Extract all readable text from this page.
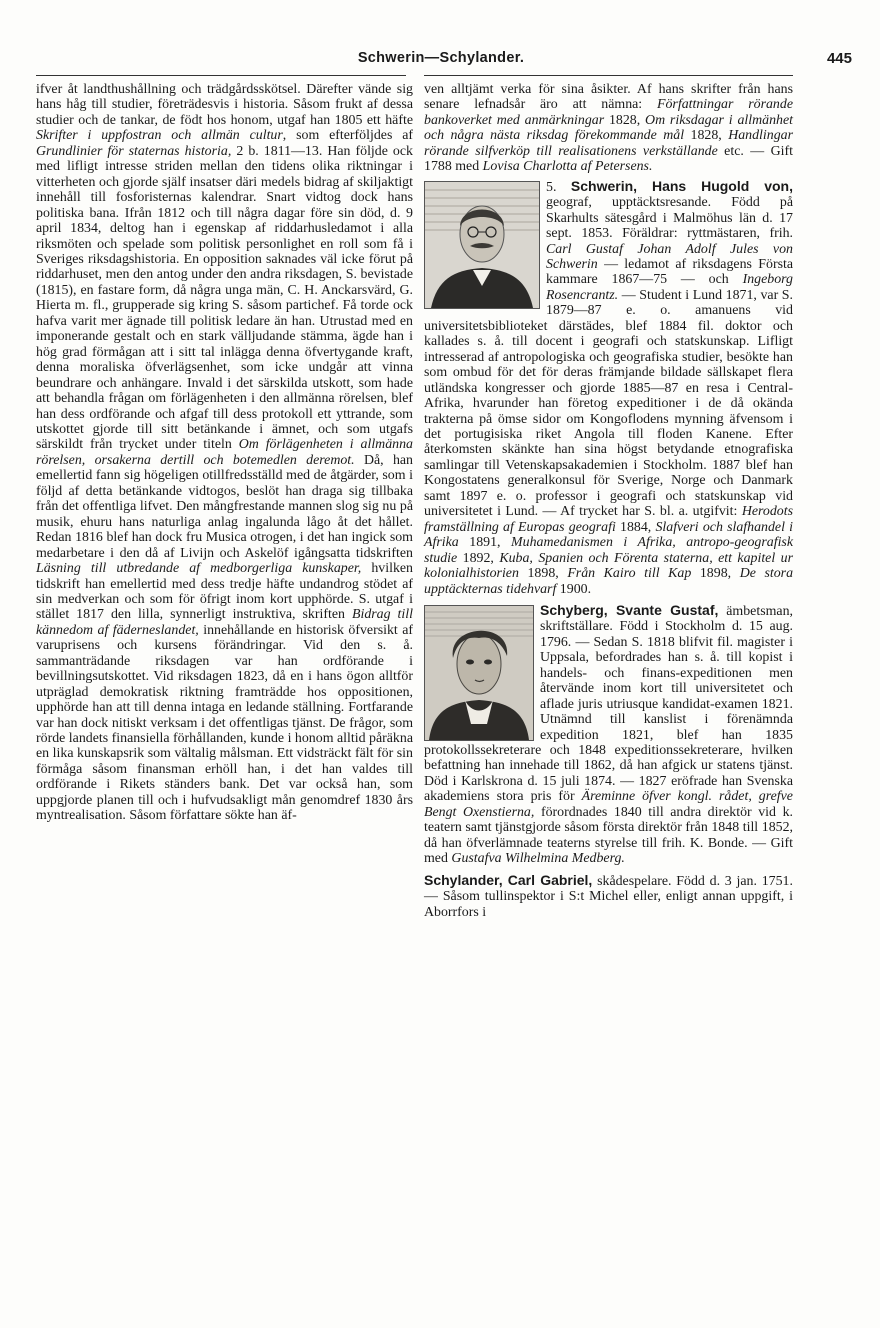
Schwerin—Schylander.	445

ifver åt landthushållning och trädgårdsskötsel. Därefter vände sig hans håg till studier, företrädesvis i historia. Såsom frukt af dessa studier och de tankar, de födt hos honom, utgaf han 1805 ett häfte Skrifter i uppfostran och allmän cultur, som efterföljdes af Grundlinier för staternas historia, 2 b. 1811—13. Han följde ock med lifligt intresse striden mellan den tidens olika riktningar i vitterheten och gjorde själf insatser däri medels bidrag af skiljaktigt innehåll till fosforisternas kalendrar. Snart vidtog dock hans politiska bana. Ifrån 1812 och till några dagar före sin död, d. 9 april 1834, deltog han i egenskap af riddarhusledamot i alla riksmöten och spelade som politisk personlighet en roll som få i Sveriges riksdagshistoria. En opposition saknades väl icke förut på riddarhuset, men den antog under den andra riksdagen, S. bevistade (1815), en fastare form, då några unga män, C. H. Anckarsvärd, G. Hierta m. fl., grupperade sig kring S. såsom partichef. Få torde ock hafva varit mer ägnade till politisk ledare än han. Utrustad med en imponerande gestalt och en stark välljudande stämma, ägde han i hög grad förmågan att i sitt tal inlägga denna öfvertygande kraft, denna moraliska öfverlägsenhet, som icke undgår att vinna beundrare och anhängare. Invald i det särskilda utskott, som hade att behandla frågan om förlägenheten i den allmänna rörelsen, blef han dess ordförande och afgaf till dess protokoll ett yttrande, som utskottet gjorde till sitt betänkande i ämnet, och som utgafs särskildt från trycket under titeln Om förlägenheten i allmänna rörelsen, orsakerna dertill och botemedlen deremot. Då, han emellertid fann sig högeligen otillfredsställd med de åtgärder, som i följd af detta betänkande vidtogos, beslöt han draga sig tillbaka från det offentliga lifvet. Den mångfrestande mannen slog sig nu på musik, ehuru hans naturliga anlag ingalunda lågo åt det hållet. Redan 1816 blef han dock fru Musica otrogen, i det han ingick som medarbetare i den då af Livijn och Askelöf igångsatta tidskriften Läsning till utbredande af medborgerliga kunskaper, hvilken tidskrift han emellertid med dess tredje häfte undandrog stödet af sin medverkan och som för öfrigt inom kort upphörde. S. utgaf i stället 1817 den lilla, synnerligt instruktiva, skriften Bidrag till kännedom af fäderneslandet, innehållande en historisk öfversikt af varuprisens och kursens förändringar. Vid den s. å. sammanträdande riksdagen var han ordförande i bevillningsutskottet. Vid riksdagen 1823, då en i hans ögon alltför utpräglad demokratisk riktning framträdde hos oppositionen, upphörde han att till denna intaga en ledande ställning. Fortfarande var han dock nitiskt verksam i det offentligas tjänst. De frågor, som rörde landets finansiella förhållanden, kunde i honom alltid påräkna en lika kunskapsrik som vältalig målsman. Ett vidsträckt fält för sin förmåga såsom finansman erhöll han, i det han valdes till ordförande i Rikets ständers bank. Det var också han, som uppgjorde planen till och i hufvudsakligt mån genomdref 1830 års myntrealisation. Såsom författare sökte han äf-

ven alltjämt verka för sina åsikter. Af hans skrifter från hans senare lefnadsår äro att nämna: Författningar rörande bankoverket med anmärkningar 1828, Om riksdagar i allmänhet och några nästa riksdag förekommande mål 1828, Handlingar rörande silfverköp till realisationens verkställande etc. — Gift 1788 med Lovisa Charlotta af Petersens.

5. Schwerin, Hans Hugold von,
geograf, upptäcktsresande. Född på Skarhults sätesgård i Malmöhus län d. 17 sept. 1853. Föräldrar: ryttmästaren, frih. Carl Gustaf Johan Adolf Jules von Schwerin — ledamot af riksdagens Första kammare 1867—75 — och Ingeborg Rosencrantz. — Student i Lund 1871, var S. 1879—87 e. o. amanuens vid universitetsbiblioteket därstädes, blef 1884 fil. doktor och kallades s. å. till docent i geografi och statskunskap. Lifligt intresserad af antropologiska och geografiska studier, besökte han som ombud för det för deras främjande bildade sällskapet flera utländska kongresser och gjorde 1885—87 en resa i Central-Afrika, hvarunder han företog expeditioner i de då okända trakterna på ömse sidor om Kongoflodens mynning äfvensom i det portugisiska riket Angola till floden Kanene. Efter återkomsten skänkte han sina högst betydande etnografiska samlingar till Vetenskapsakademien i Stockholm. 1887 blef han Kongostatens generalkonsul för Sverige, Norge och Danmark samt 1897 e. o. professor i geografi och statskunskap vid universitetet i Lund. — Af trycket har S. bl. a. utgifvit: Herodots framställning af Europas geografi 1884, Slafveri och slafhandel i Afrika 1891, Muhamedanismen i Afrika, antropo-geografisk studie 1892, Kuba, Spanien och Förenta staterna, ett kapitel ur kolonialhistorien 1898, Från Kairo till Kap 1898, De stora upptäckternas tidehvarf 1900.

Schyberg, Svante Gustaf, ämbetsman, skriftställare. Född i Stockholm d. 15 aug. 1796. — Sedan S. 1818 blifvit fil. magister i Uppsala, befordrades han s. å. till kopist i handels- och finans-expeditionen men återvände inom kort till universitetet och aflade juris utriusque kandidat-examen 1821. Utnämnd till kanslist i förenämnda expedition 1821, blef han 1835 protokollssekreterare och 1848 expeditionssekreterare, hvilken befattning han innehade till 1862, då han afgick ur statens tjänst. Död i Karlskrona d. 15 juli 1874. — 1827 eröfrade han Svenska akademiens stora pris för Äreminne öfver kongl. rådet, grefve Bengt Oxenstierna, förordnades 1840 till andra direktör vid k. teatern samt tjänstgjorde såsom första direktör från 1848 till 1852, då han öfverlämnade teaterns styrelse till frih. K. Bonde. — Gift med Gustafva Wilhelmina Medberg.

Schylander, Carl Gabriel, skådespelare. Född d. 3 jan. 1751. — Såsom tullinspektor i S:t Michel eller, enligt annan uppgift, i Aborrfors i
